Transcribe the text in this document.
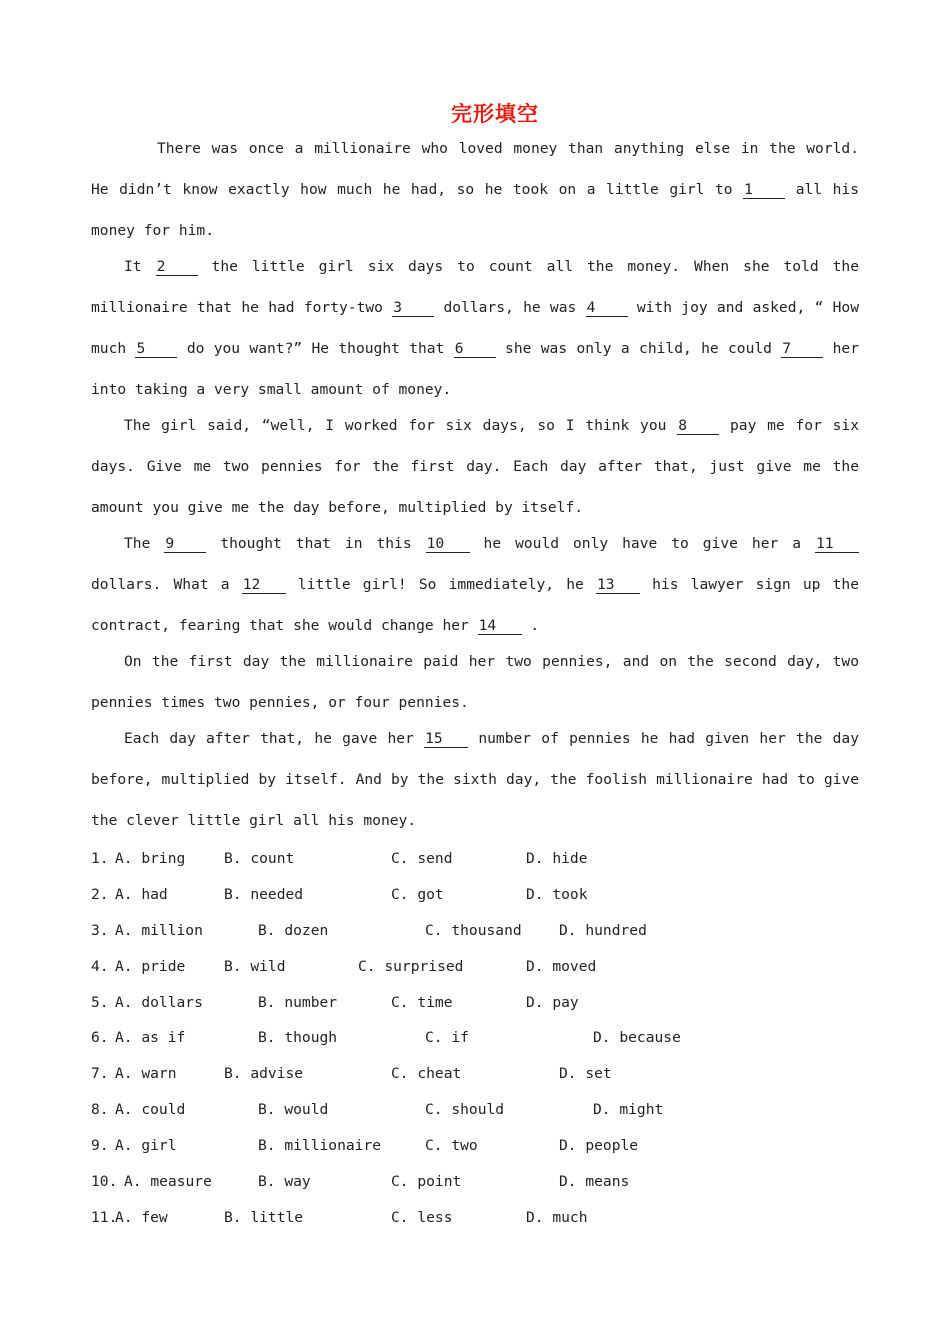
完形填空

There was once a millionaire who loved money than anything else in the world. He didn’t know exactly how much he had, so he took on a little girl to 1 all his money for him.

It 2 the little girl six days to count all the money. When she told the millionaire that he had forty-two 3 dollars, he was 4 with joy and asked, “ How much 5 do you want?” He thought that 6 she was only a child, he could 7 her into taking a very small amount of money.

The girl said, “well, I worked for six days, so I think you 8 pay me for six days. Give me two pennies for the first day. Each day after that, just give me the amount you give me the day before, multiplied by itself.

The 9 thought that in this 10 he would only have to give her a 11 dollars. What a 12 little girl! So immediately, he 13 his lawyer sign up the contract, fearing that she would change her 14 .

On the first day the millionaire paid her two pennies, and on the second day, two pennies times two pennies, or four pennies.

Each day after that, he gave her 15 number of pennies he had given her the day before, multiplied by itself. And by the sixth day, the foolish millionaire had to give the clever little girl all his money.

1. A. bring	B. count	C. send	D. hide
2. A. had	B. needed	C. got	D. took
3. A. million	B. dozen	C. thousand	D. hundred
4. A. pride	B. wild	C. surprised	D. moved
5. A. dollars	B. number	C. time	D. pay
6. A. as if	B. though	C. if	D. because
7. A. warn	B. advise	C. cheat	D. set
8. A. could	B. would	C. should	D. might
9. A. girl	B. millionaire	C. two	D. people
10. A. measure	B. way	C. point	D. means
11.
A. few	B. little	C. less	D. much
